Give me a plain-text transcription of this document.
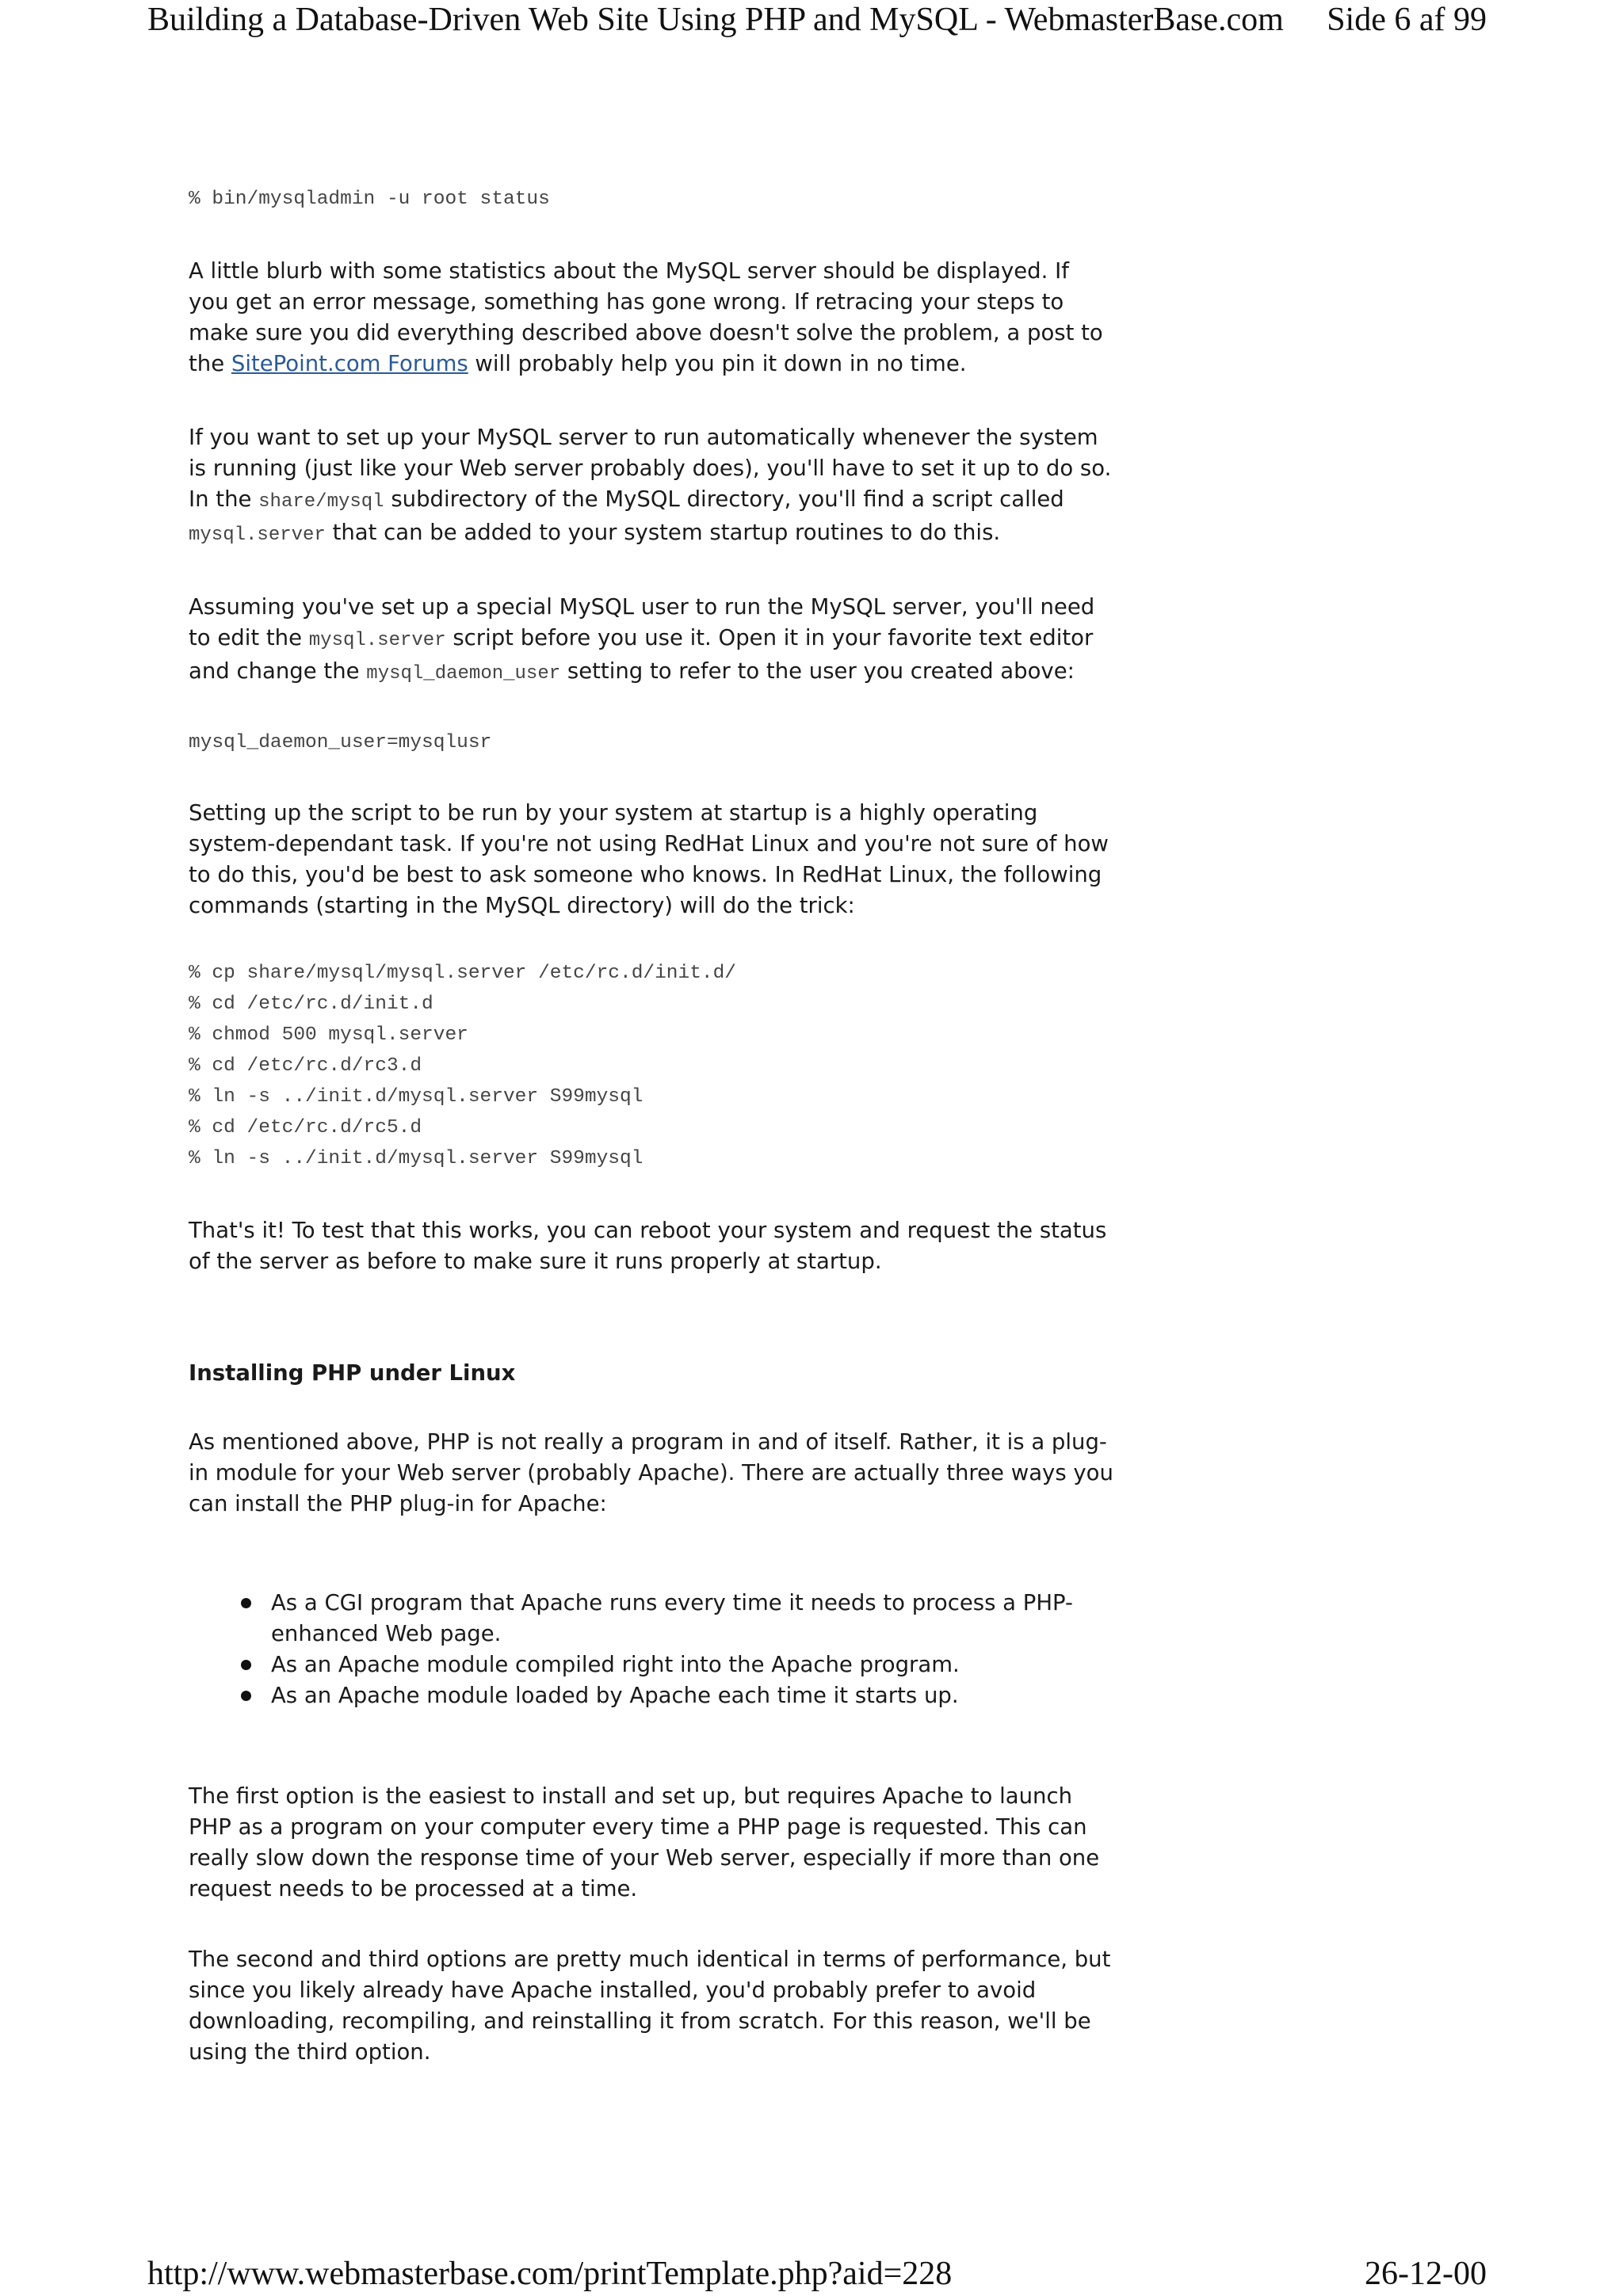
Building a Database-Driven Web Site Using PHP and MySQL - WebmasterBase.com Side 6 af 99

% bin/mysqladmin -u root status

A little blurb with some statistics about the MySQL server should be displayed. If you get an error message, something has gone wrong. If retracing your steps to make sure you did everything described above doesn't solve the problem, a post to the SitePoint.com Forums will probably help you pin it down in no time.

If you want to set up your MySQL server to run automatically whenever the system is running (just like your Web server probably does), you'll have to set it up to do so. In the share/mysql subdirectory of the MySQL directory, you'll find a script called mysql.server that can be added to your system startup routines to do this.

Assuming you've set up a special MySQL user to run the MySQL server, you'll need to edit the mysql.server script before you use it. Open it in your favorite text editor and change the mysql_daemon_user setting to refer to the user you created above:

mysql_daemon_user=mysqlusr

Setting up the script to be run by your system at startup is a highly operating system-dependant task. If you're not using RedHat Linux and you're not sure of how to do this, you'd be best to ask someone who knows. In RedHat Linux, the following commands (starting in the MySQL directory) will do the trick:

% cp share/mysql/mysql.server /etc/rc.d/init.d/

% cd /etc/rc.d/init.d

% chmod 500 mysql.server

% cd /etc/rc.d/rc3.d

% ln -s ../init.d/mysql.server S99mysql

% cd /etc/rc.d/rc5.d

% ln -s ../init.d/mysql.server S99mysql

That's it! To test that this works, you can reboot your system and request the status of the server as before to make sure it runs properly at startup.

Installing PHP under Linux

As mentioned above, PHP is not really a program in and of itself. Rather, it is a plug-in module for your Web server (probably Apache). There are actually three ways you can install the PHP plug-in for Apache:

As a CGI program that Apache runs every time it needs to process a PHP-enhanced Web page.
As an Apache module compiled right into the Apache program.
As an Apache module loaded by Apache each time it starts up.

The first option is the easiest to install and set up, but requires Apache to launch PHP as a program on your computer every time a PHP page is requested. This can really slow down the response time of your Web server, especially if more than one request needs to be processed at a time.

The second and third options are pretty much identical in terms of performance, but since you likely already have Apache installed, you'd probably prefer to avoid downloading, recompiling, and reinstalling it from scratch. For this reason, we'll be using the third option.

http://www.webmasterbase.com/printTemplate.php?aid=228	26-12-00
